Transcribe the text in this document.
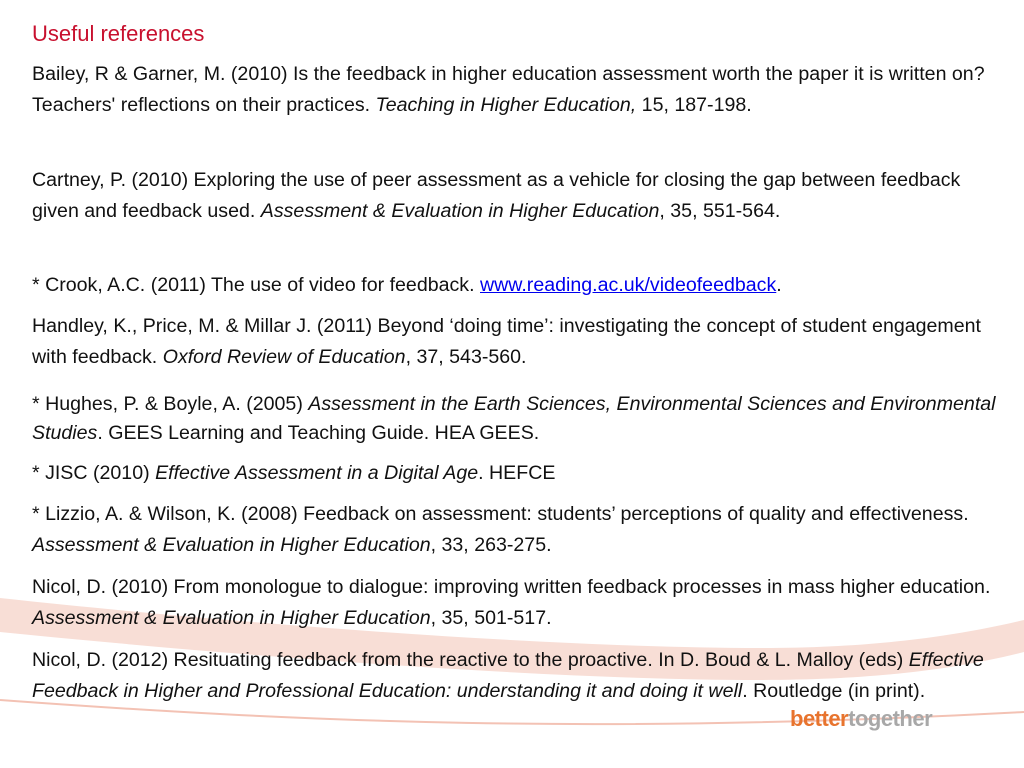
Useful references

Bailey, R & Garner, M. (2010) Is the feedback in higher education assessment worth the paper it is written on? Teachers' reflections on their practices. Teaching in Higher Education, 15, 187-198.

Cartney, P. (2010) Exploring the use of peer assessment as a vehicle for closing the gap between feedback given and feedback used. Assessment & Evaluation in Higher Education, 35, 551-564.

* Crook, A.C. (2011) The use of video for feedback. www.reading.ac.uk/videofeedback.

Handley, K., Price, M. & Millar J. (2011) Beyond ‘doing time’: investigating the concept of student engagement with feedback. Oxford Review of Education, 37, 543-560.

* Hughes, P. & Boyle, A. (2005) Assessment in the Earth Sciences, Environmental Sciences and Environmental Studies. GEES Learning and Teaching Guide. HEA GEES.

* JISC (2010) Effective Assessment in a Digital Age. HEFCE

* Lizzio, A. & Wilson, K. (2008) Feedback on assessment: students’ perceptions of quality and effectiveness. Assessment & Evaluation in Higher Education, 33, 263-275.

Nicol, D. (2010) From monologue to dialogue: improving written feedback processes in mass higher education. Assessment & Evaluation in Higher Education, 35, 501-517.

Nicol, D. (2012) Resituating feedback from the reactive to the proactive. In D. Boud & L. Malloy (eds) Effective Feedback in Higher and Professional Education: understanding it and doing it well. Routledge (in print).

bettertogether
